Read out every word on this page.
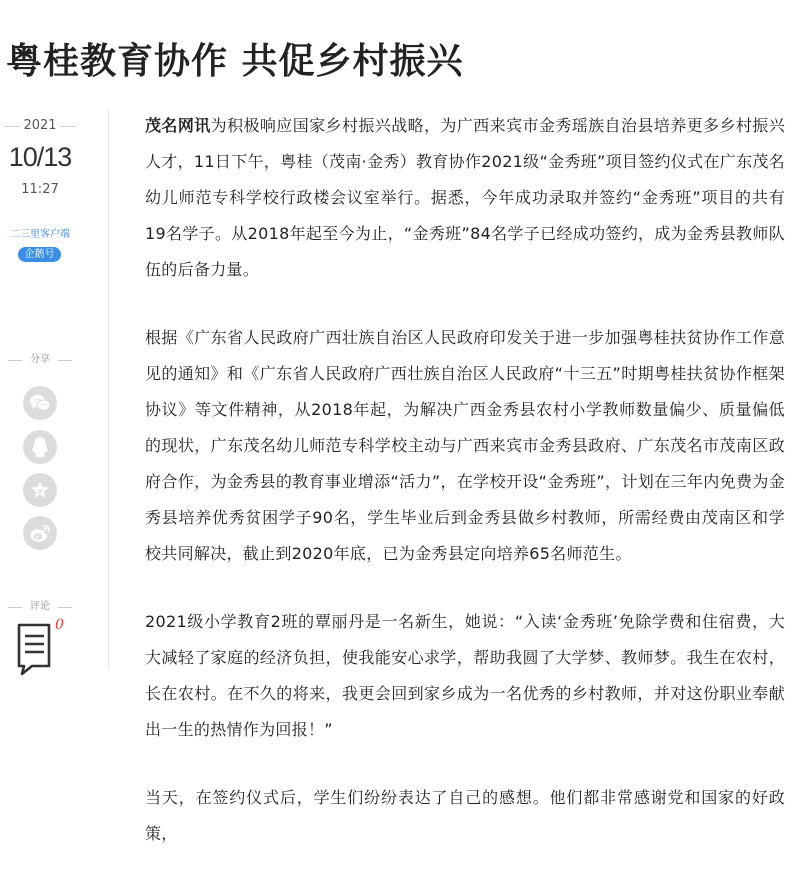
粤桂教育协作 共促乡村振兴
2021
10/13
11:27
二三里客户端
企鹅号
分享
评论
0

茂名网讯为积极响应国家乡村振兴战略，为广西来宾市金秀瑶族自治县培养更多乡村振兴人才，11日下午，粤桂（茂南·金秀）教育协作2021级“金秀班”项目签约仪式在广东茂名幼儿师范专科学校行政楼会议室举行。据悉，今年成功录取并签约“金秀班”项目的共有19名学子。从2018年起至今为止，“金秀班”84名学子已经成功签约，成为金秀县教师队伍的后备力量。

根据《广东省人民政府广西壮族自治区人民政府印发关于进一步加强粤桂扶贫协作工作意见的通知》和《广东省人民政府广西壮族自治区人民政府“十三五”时期粤桂扶贫协作框架协议》等文件精神，从2018年起，为解决广西金秀县农村小学教师数量偏少、质量偏低的现状，广东茂名幼儿师范专科学校主动与广西来宾市金秀县政府、广东茂名市茂南区政府合作，为金秀县的教育事业增添“活力”，在学校开设“金秀班”，计划在三年内免费为金秀县培养优秀贫困学子90名，学生毕业后到金秀县做乡村教师，所需经费由茂南区和学校共同解决，截止到2020年底，已为金秀县定向培养65名师范生。

2021级小学教育2班的覃丽丹是一名新生，她说：“入读‘金秀班’免除学费和住宿费，大大减轻了家庭的经济负担，使我能安心求学，帮助我圆了大学梦、教师梦。我生在农村，长在农村。在不久的将来，我更会回到家乡成为一名优秀的乡村教师，并对这份职业奉献出一生的热情作为回报！”

当天，在签约仪式后，学生们纷纷表达了自己的感想。他们都非常感谢党和国家的好政策，
